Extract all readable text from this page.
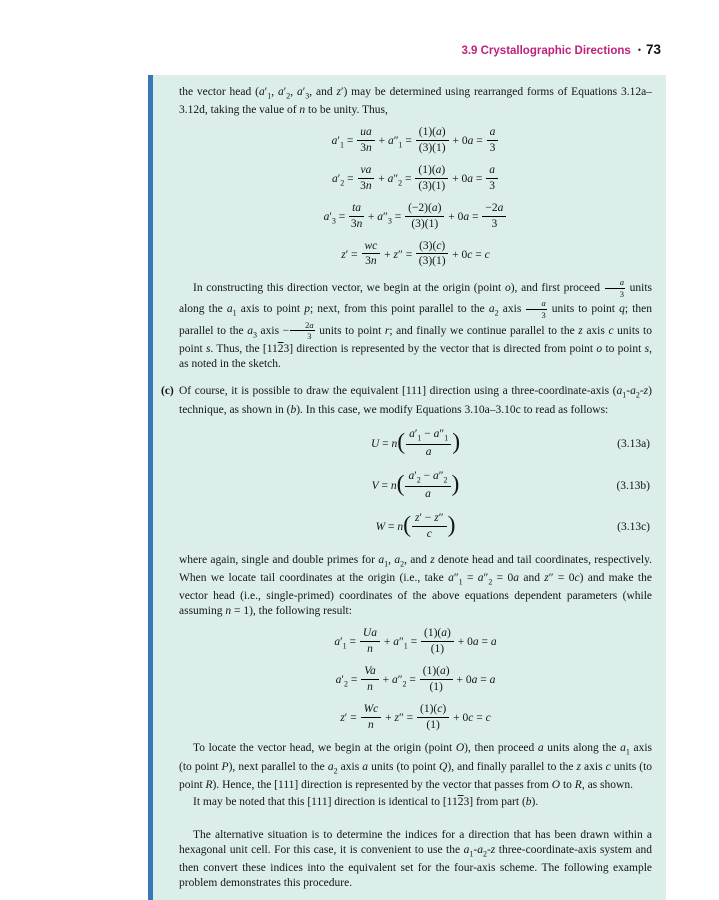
3.9 Crystallographic Directions • 73

the vector head ($a'_1$, $a'_2$, $a'_3$, and z′) may be determined using rearranged forms of Equations 3.12a–3.12d, taking the value of n to be unity. Thus,

$a'_1 = \frac{ua}{3n} + a''_1 = \frac{(1)(a)}{(3)(1)} + 0a = \frac{a}{3}$
$a'_2 = \frac{va}{3n} + a''_2 = \frac{(1)(a)}{(3)(1)} + 0a = \frac{a}{3}$
$a'_3 = \frac{ta}{3n} + a''_3 = \frac{(-2)(a)}{(3)(1)} + 0a = \frac{-2a}{3}$
$z' = \frac{wc}{3n} + z'' = \frac{(3)(c)}{(3)(1)} + 0c = c$

In constructing this direction vector, we begin at the origin (point o), and first proceed $\frac{a}{3}$ units along the $a_1$ axis to point p; next, from this point parallel to the $a_2$ axis $\frac{a}{3}$ units to point q; then parallel to the $a_3$ axis − $\frac{2a}{3}$ units to point r; and finally we continue parallel to the z axis c units to point s. Thus, the [1123] direction is represented by the vector that is directed from point o to point s, as noted in the sketch.

(c) Of course, it is possible to draw the equivalent [111] direction using a three-coordinate-axis $(a_1-a_2-z)$ technique, as shown in (b). In this case, we modify Equations 3.10a–3.10c to read as follows:

$U = n( \frac{a'_1 - a''_1}{a}$ )	(3.13a)
$V = n( \frac{a'_2 - a''_2}{a}$ )	(3.13b)
$W = n( \frac{z' - z''}{c}$ )	(3.13c)

where again, single and double primes for $a_1$, $a_2$, and z denote head and tail coordinates, respectively. When we locate tail coordinates at the origin (i.e., take $a''_1 = a''_2 = 0a$ and z″ = 0c) and make the vector head (i.e., single-primed) coordinates of the above equations dependent parameters (while assuming n = 1), the following result:

$a'_1 = \frac{Ua}{n} + a''_1 = \frac{(1)(a)}{(1)} + 0a = a$
$a'_2 = \frac{Va}{n} + a''_2 = \frac{(1)(a)}{(1)} + 0a = a$
$z' = \frac{Wc}{n} + z'' = \frac{(1)(c)}{(1)} + 0c = c$

To locate the vector head, we begin at the origin (point O), then proceed a units along the $a_1$ axis (to point P), next parallel to the $a_2$ axis a units (to point Q), and finally parallel to the z axis c units (to point R). Hence, the [111] direction is represented by the vector that passes from O to R, as shown.

It may be noted that this [111] direction is identical to [1123] from part (b).

The alternative situation is to determine the indices for a direction that has been drawn within a hexagonal unit cell. For this case, it is convenient to use the $a_1-a_2-z$ three-coordinate-axis system and then convert these indices into the equivalent set for the four-axis scheme. The following example problem demonstrates this procedure.
